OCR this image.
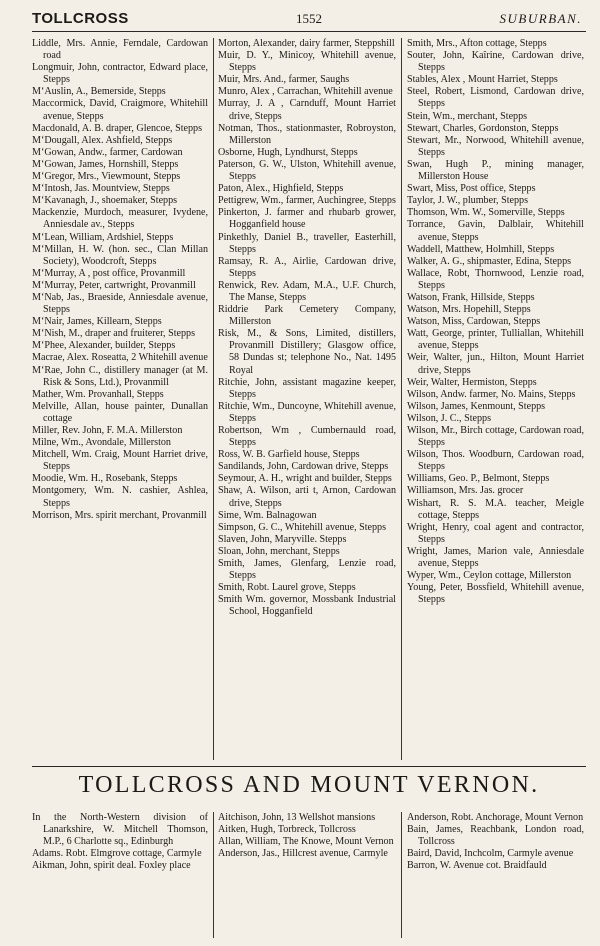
TOLLCROSS	1552	SUBURBAN.

Liddle, Mrs. Annie, Ferndale, Cardowan road

Longmuir, John, contractor, Edward place, Stepps

M‘Auslin, A., Bemerside, Stepps

Maccormick, David, Craigmore, Whitehill avenue, Stepps

Macdonald, A. B. draper, Glencoe, Stepps

M‘Dougall, Alex. Ashfield, Stepps

M‘Gowan, Andw., farmer, Cardowan

M‘Gowan, James, Hornshill, Stepps

M‘Gregor, Mrs., Viewmount, Stepps

M‘Intosh, Jas. Mountview, Stepps

M‘Kavanagh, J., shoemaker, Stepps

Mackenzie, Murdoch, measurer, Ivydene, Anniesdale av., Stepps

M‘Lean, William, Ardshiel, Stepps

M‘Millan, H. W. (hon. sec., Clan Millan Society), Woodcroft, Stepps

M‘Murray, A , post office, Provanmill

M‘Murray, Peter, cartwright, Provanmill

M‘Nab, Jas., Braeside, Anniesdale avenue, Stepps

M‘Nair, James, Killearn, Stepps

M‘Nish, M., draper and fruiterer, Stepps

M‘Phee, Alexander, builder, Stepps

Macrae, Alex. Roseatta, 2 Whitehill avenue

M‘Rae, John C., distillery manager (at M. Risk & Sons, Ltd.), Provanmill

Mather, Wm. Provanhall, Stepps

Melville, Allan, house painter, Dunallan cottage

Miller, Rev. John, F. M.A. Millerston

Milne, Wm., Avondale, Millerston

Mitchell, Wm. Craig, Mount Harriet drive, Stepps

Moodie, Wm. H., Rosebank, Stepps

Montgomery, Wm. N. cashier, Ashlea, Stepps

Morrison, Mrs. spirit merchant, Provanmill

Morton, Alexander, dairy farmer, Steppshill

Muir, D. Y., Minicoy, Whitehill avenue, Stepps

Muir, Mrs. And., farmer, Saughs

Munro, Alex , Carrachan, Whitehill avenue

Murray, J. A , Carnduff, Mount Harriet drive, Stepps

Notman, Thos., stationmaster, Robroyston, Millerston

Osborne, Hugh, Lyndhurst, Stepps

Paterson, G. W., Ulston, Whitehill avenue, Stepps

Paton, Alex., Highfield, Stepps

Pettigrew, Wm., farmer, Auchingree, Stepps

Pinkerton, J. farmer and rhubarb grower, Hogganfield house

Pinkethly, Daniel B., traveller, Easterhill, Stepps

Ramsay, R. A., Airlie, Cardowan drive, Stepps

Renwick, Rev. Adam, M.A., U.F. Church, The Manse, Stepps

Riddrie Park Cemetery Company, Millerston

Risk, M., & Sons, Limited, distillers, Provanmill Distillery; Glasgow office, 58 Dundas st; telephone No., Nat. 1495 Royal

Ritchie, John, assistant magazine keeper, Stepps

Ritchie, Wm., Duncoyne, Whitehill avenue, Stepps

Robertson, Wm , Cumbernauld road, Stepps

Ross, W. B. Garfield house, Stepps

Sandilands, John, Cardowan drive, Stepps

Seymour, A. H., wright and builder, Stepps

Shaw, A. Wilson, arti t, Arnon, Cardowan drive, Stepps

Sime, Wm. Balnagowan

Simpson, G. C., Whitehill avenue, Stepps

Slaven, John, Maryville. Stepps

Sloan, John, merchant, Stepps

Smith, James, Glenfarg, Lenzie road, Stepps

Smith, Robt. Laurel grove, Stepps

Smith Wm. governor, Mossbank Industrial School, Hogganfield

Smith, Mrs., Afton cottage, Stepps

Souter, John, Kaîrine, Cardowan drive, Stepps

Stables, Alex , Mount Harriet, Stepps

Steel, Robert, Lismond, Cardowan drive, Stepps

Stein, Wm., merchant, Stepps

Stewart, Charles, Gordonston, Stepps

Stewart, Mr., Norwood, Whitehill avenue, Stepps

Swan, Hugh P., mining manager, Millerston House

Swart, Miss, Post office, Stepps

Taylor, J. W., plumber, Stepps

Thomson, Wm. W., Somerville, Stepps

Torrance, Gavin, Dalblair, Whitehill avenue, Stepps

Waddell, Matthew, Holmhill, Stepps

Walker, A. G., shipmaster, Edina, Stepps

Wallace, Robt, Thornwood, Lenzie road, Stepps

Watson, Frank, Hillside, Stepps

Watson, Mrs. Hopehill, Stepps

Watson, Miss, Cardowan, Stepps

Watt, George, printer, Tulliallan, Whitehill avenue, Stepps

Weir, Walter, jun., Hilton, Mount Harriet drive, Stepps

Weir, Walter, Hermiston, Stepps

Wilson, Andw. farmer, No. Mains, Stepps

Wilson, James, Kenmount, Stepps

Wilson, J. C., Stepps

Wilson, Mr., Birch cottage, Cardowan road, Stepps

Wilson, Thos. Woodburn, Cardowan road, Stepps

Williams, Geo. P., Belmont, Stepps

Williamson, Mrs. Jas. grocer

Wishart, R. S. M.A. teacher, Meigle cottage, Stepps

Wright, Henry, coal agent and contractor, Stepps

Wright, James, Marion vale, Anniesdale avenue, Stepps

Wyper, Wm., Ceylon cottage, Millerston

Young, Peter, Bossfield, Whitehill avenue, Stepps

TOLLCROSS AND MOUNT VERNON.

In the North-Western division of Lanarkshire, W. Mitchell Thomson, M.P., 6 Charlotte sq., Edinburgh

Adams. Robt. Elmgrove cottage, Carmyle

Aikman, John, spirit deal. Foxley place

Aitchison, John, 13 Wellshot mansions

Aitken, Hugh, Torbreck, Tollcross

Allan, William, The Knowe, Mount Vernon

Anderson, Jas., Hillcrest avenue, Carmyle

Anderson, Robt. Anchorage, Mount Vernon

Bain, James, Reachbank, London road, Tollcross

Baird, David, Inchcolm, Carmyle avenue

Barron, W. Avenue cot. Braidfauld
